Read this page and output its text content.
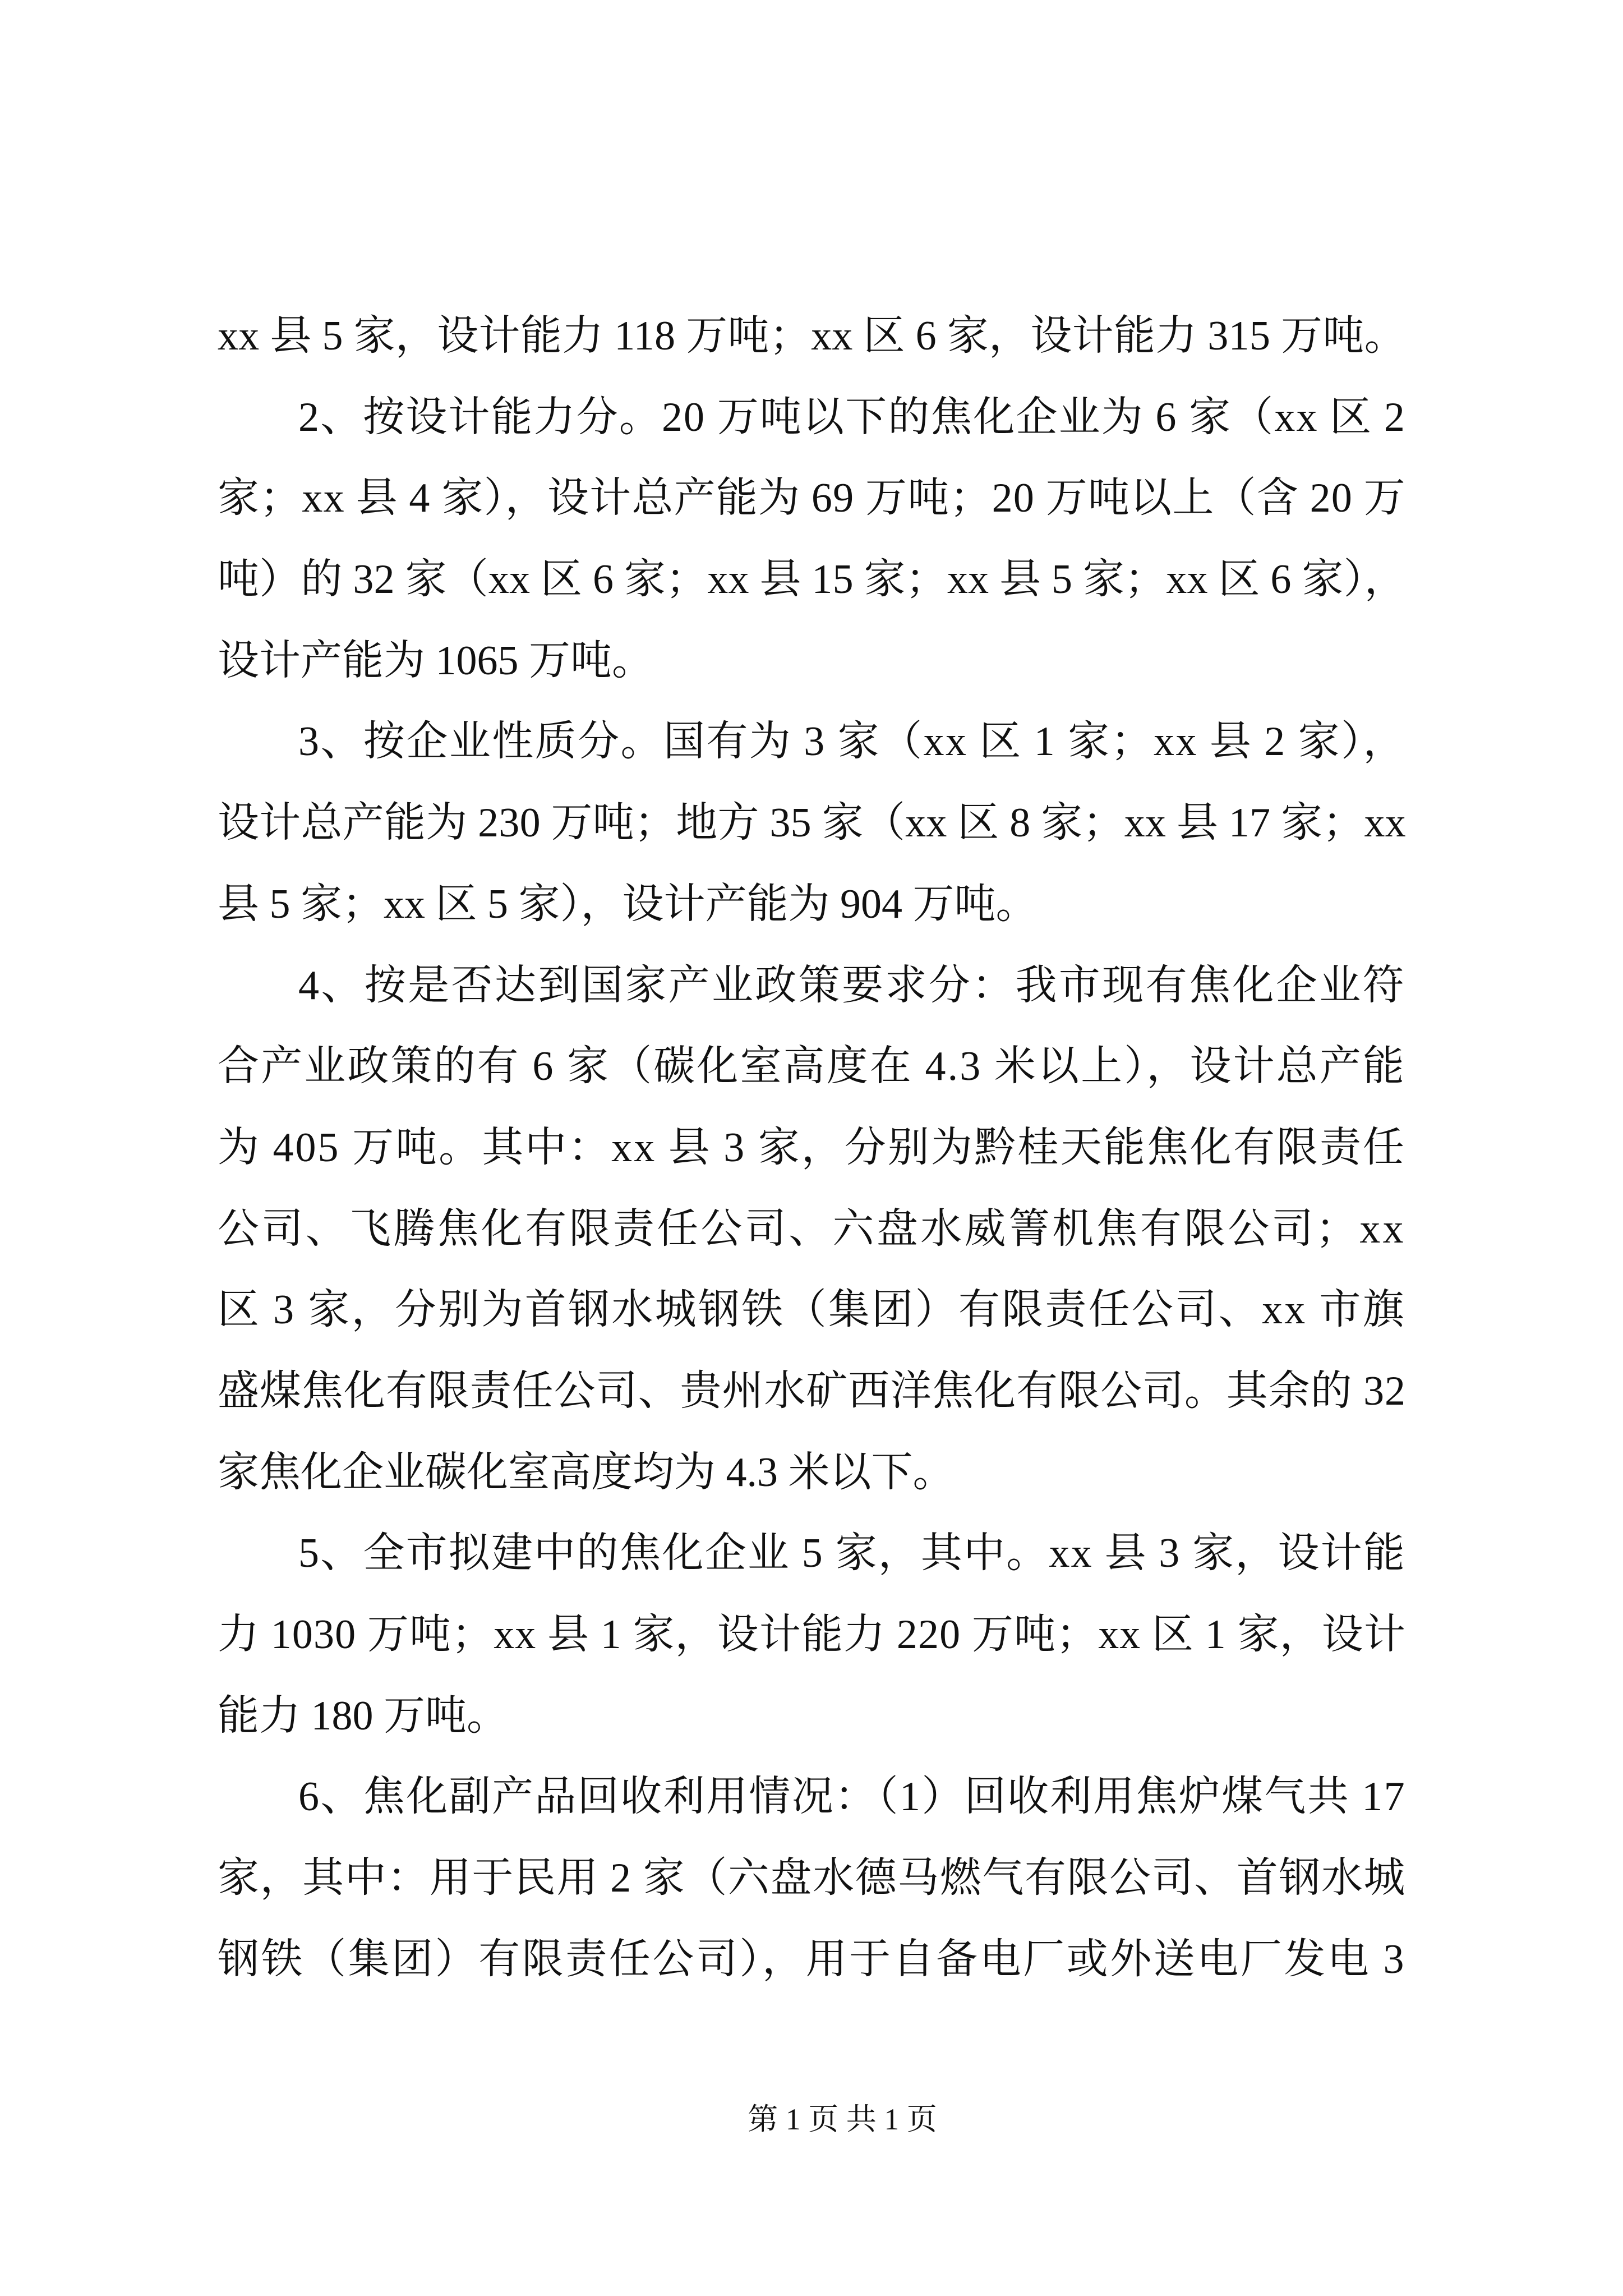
xx 县 5 家，设计能力 118 万吨；xx 区 6 家，设计能力 315 万吨。
2、按设计能力分。20 万吨以下的焦化企业为 6 家（xx 区 2
家；xx 县 4 家），设计总产能为 69 万吨；20 万吨以上（含 20 万
吨）的 32 家（xx 区 6 家；xx 县 15 家；xx 县 5 家；xx 区 6 家），
设计产能为 1065 万吨。
3、按企业性质分。国有为 3 家（xx 区 1 家；xx 县 2 家），
设计总产能为 230 万吨；地方 35 家（xx 区 8 家；xx 县 17 家；xx
县 5 家；xx 区 5 家），设计产能为 904 万吨。
4、按是否达到国家产业政策要求分：我市现有焦化企业符
合产业政策的有 6 家（碳化室高度在 4.3 米以上），设计总产能
为 405 万吨。其中：xx 县 3 家，分别为黔桂天能焦化有限责任
公司、飞腾焦化有限责任公司、六盘水威箐机焦有限公司；xx
区 3 家，分别为首钢水城钢铁（集团）有限责任公司、xx 市旗
盛煤焦化有限责任公司、贵州水矿西洋焦化有限公司。其余的 32
家焦化企业碳化室高度均为 4.3 米以下。
5、全市拟建中的焦化企业 5 家，其中。xx 县 3 家，设计能
力 1030 万吨；xx 县 1 家，设计能力 220 万吨；xx 区 1 家，设计
能力 180 万吨。
6、焦化副产品回收利用情况：（1）回收利用焦炉煤气共 17
家，其中：用于民用 2 家（六盘水德马燃气有限公司、首钢水城
钢铁（集团）有限责任公司），用于自备电厂或外送电厂发电 3
第 1 页 共 1 页
